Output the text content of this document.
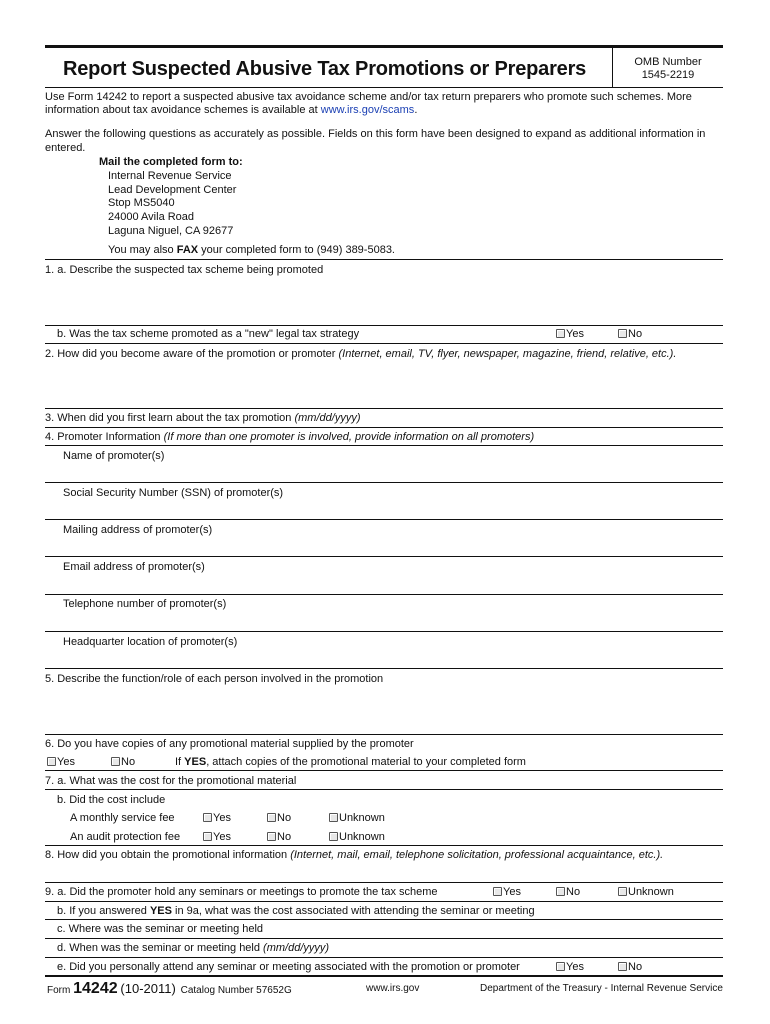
Report Suspected Abusive Tax Promotions or Preparers	OMB Number
1545-2219
Use Form 14242 to report a suspected abusive tax avoidance scheme and/or tax return preparers who promote such schemes. More
information about tax avoidance schemes is available at www.irs.gov/scams.
Answer the following questions as accurately as possible. Fields on this form have been designed to expand as additional information in
entered.
Mail the completed form to:
Internal Revenue Service
Lead Development Center
Stop MS5040
24000 Avila Road
Laguna Niguel, CA 92677
You may also FAX your completed form to (949) 389-5083.
1. a. Describe the suspected tax scheme being promoted
b. Was the tax scheme promoted as a "new" legal tax strategy	Yes	No
2. How did you become aware of the promotion or promoter (Internet, email, TV, flyer, newspaper, magazine, friend, relative, etc.).
3. When did you first learn about the tax promotion (mm/dd/yyyy)
4. Promoter Information (If more than one promoter is involved, provide information on all promoters)
Name of promoter(s)
Social Security Number (SSN) of promoter(s)
Mailing address of promoter(s)
Email address of promoter(s)
Telephone number of promoter(s)
Headquarter location of promoter(s)
5. Describe the function/role of each person involved in the promotion
6. Do you have copies of any promotional material supplied by the promoter
Yes	No	If YES, attach copies of the promotional material to your completed form
7. a. What was the cost for the promotional material
b. Did the cost include
A monthly service fee	Yes	No	Unknown
An audit protection fee	Yes	No	Unknown
8. How did you obtain the promotional information (Internet, mail, email, telephone solicitation, professional acquaintance, etc.).
9. a. Did the promoter hold any seminars or meetings to promote the tax scheme	Yes	No	Unknown
b. If you answered YES in 9a, what was the cost associated with attending the seminar or meeting
c. Where was the seminar or meeting held
d. When was the seminar or meeting held (mm/dd/yyyy)
e. Did you personally attend any seminar or meeting associated with the promotion or promoter	Yes	No
Form 14242 (10-2011) Catalog Number 57652G	www.irs.gov	Department of the Treasury - Internal Revenue Service
